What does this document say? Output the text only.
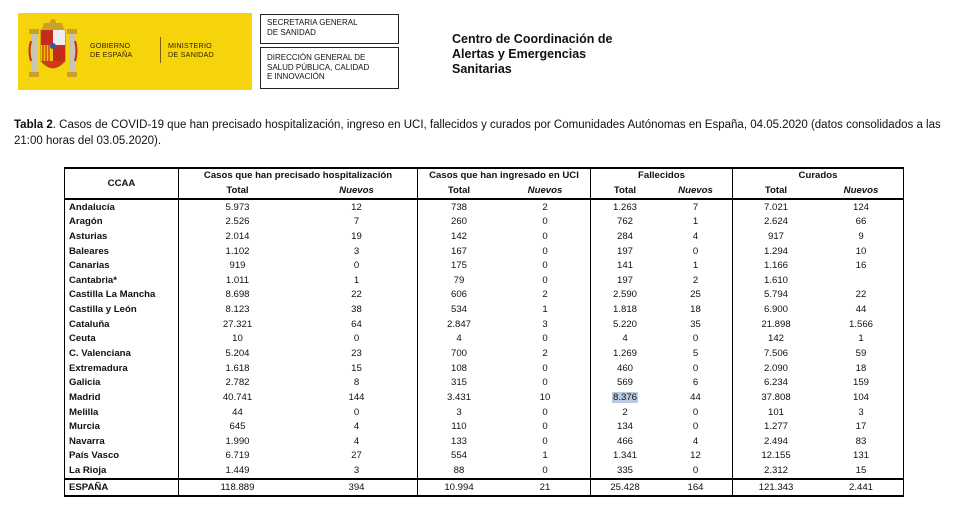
GOBIERNO
DE ESPAÑA
MINISTERIO
DE SANIDAD
SECRETARIA GENERAL
DE SANIDAD
DIRECCIÓN GENERAL DE
SALUD PÚBLICA, CALIDAD
E INNOVACIÓN
Centro de Coordinación de
Alertas y Emergencias
Sanitarias
Tabla 2. Casos de COVID-19 que han precisado hospitalización, ingreso en UCI, fallecidos y curados por Comunidades Autónomas en España, 04.05.2020 (datos consolidados a las 21:00 horas del 03.05.2020).
CCAA	Casos que han precisado hospitalización		Casos que han ingresado en UCI		Fallecidos		Curados	
	Total	Nuevos	Total	Nuevos	Total	Nuevos	Total	Nuevos
Andalucía	5.973	12	738	2	1.263	7	7.021	124
Aragón	2.526	7	260	0	762	1	2.624	66
Asturias	2.014	19	142	0	284	4	917	9
Baleares	1.102	3	167	0	197	0	1.294	10
Canarias	919	0	175	0	141	1	1.166	16
Cantabria*	1.011	1	79	0	197	2	1.610	
Castilla La Mancha	8.698	22	606	2	2.590	25	5.794	22
Castilla y León	8.123	38	534	1	1.818	18	6.900	44
Cataluña	27.321	64	2.847	3	5.220	35	21.898	1.566
Ceuta	10	0	4	0	4	0	142	1
C. Valenciana	5.204	23	700	2	1.269	5	7.506	59
Extremadura	1.618	15	108	0	460	0	2.090	18
Galicia	2.782	8	315	0	569	6	6.234	159
Madrid	40.741	144	3.431	10	8.376	44	37.808	104
Melilla	44	0	3	0	2	0	101	3
Murcia	645	4	110	0	134	0	1.277	17
Navarra	1.990	4	133	0	466	4	2.494	83
País Vasco	6.719	27	554	1	1.341	12	12.155	131
La Rioja	1.449	3	88	0	335	0	2.312	15
ESPAÑA	118.889	394	10.994	21	25.428	164	121.343	2.441
